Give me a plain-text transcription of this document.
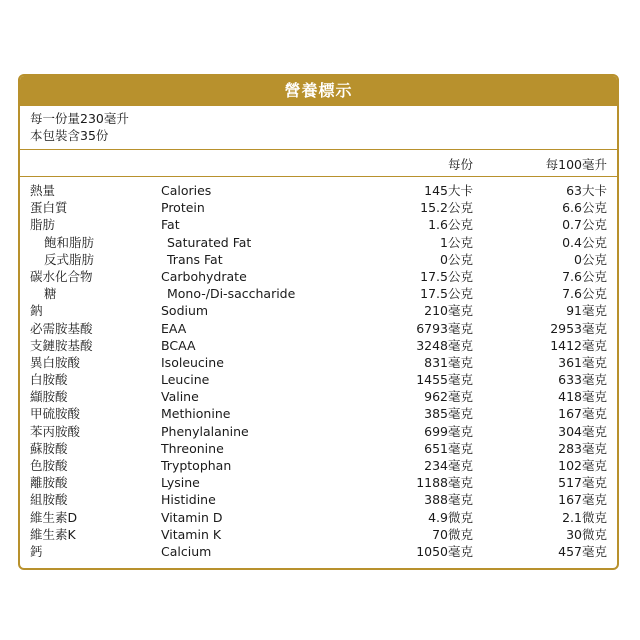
營養標示
每一份量230毫升
本包裝含35份
每份	每100毫升
熱量	Calories	145大卡	63大卡
蛋白質	Protein	15.2公克	6.6公克
脂肪	Fat	1.6公克	0.7公克
飽和脂肪	Saturated Fat	1公克	0.4公克
反式脂肪	Trans Fat	0公克	0公克
碳水化合物	Carbohydrate	17.5公克	7.6公克
糖	Mono-/Di-saccharide	17.5公克	7.6公克
鈉	Sodium	210毫克	91毫克
必需胺基酸	EAA	6793毫克	2953毫克
支鏈胺基酸	BCAA	3248毫克	1412毫克
異白胺酸	Isoleucine	831毫克	361毫克
白胺酸	Leucine	1455毫克	633毫克
纈胺酸	Valine	962毫克	418毫克
甲硫胺酸	Methionine	385毫克	167毫克
苯丙胺酸	Phenylalanine	699毫克	304毫克
蘇胺酸	Threonine	651毫克	283毫克
色胺酸	Tryptophan	234毫克	102毫克
離胺酸	Lysine	1188毫克	517毫克
組胺酸	Histidine	388毫克	167毫克
維生素D	Vitamin D	4.9微克	2.1微克
維生素K	Vitamin K	70微克	30微克
鈣	Calcium	1050毫克	457毫克
